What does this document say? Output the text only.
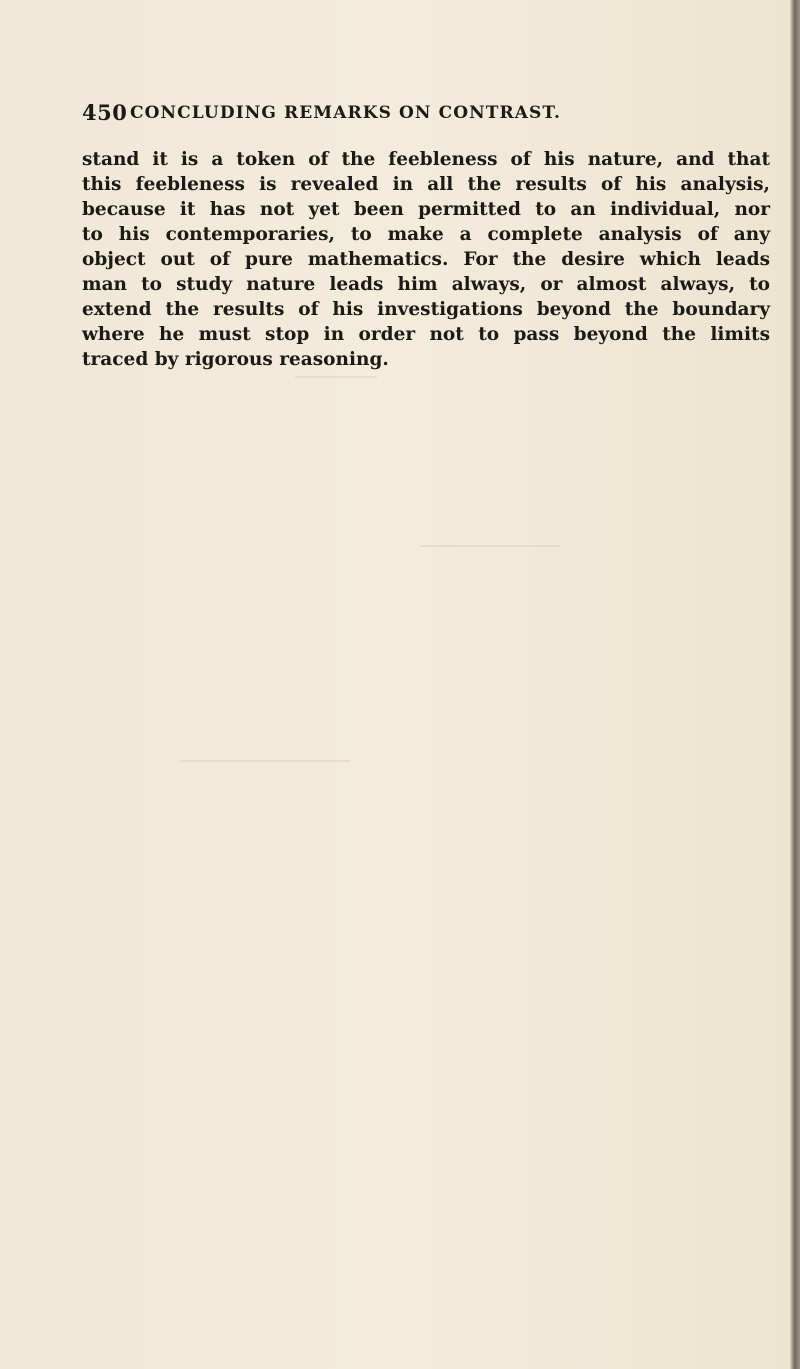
450 CONCLUDING REMARKS ON CONTRAST.
stand it is a token of the feebleness of his nature, and that
this feebleness is revealed in all the results of his analysis,
because it has not yet been permitted to an individual, nor
to his contemporaries, to make a complete analysis of any
object out of pure mathematics. For the desire which leads
man to study nature leads him always, or almost always, to
extend the results of his investigations beyond the boundary
where he must stop in order not to pass beyond the limits
traced by rigorous reasoning.
